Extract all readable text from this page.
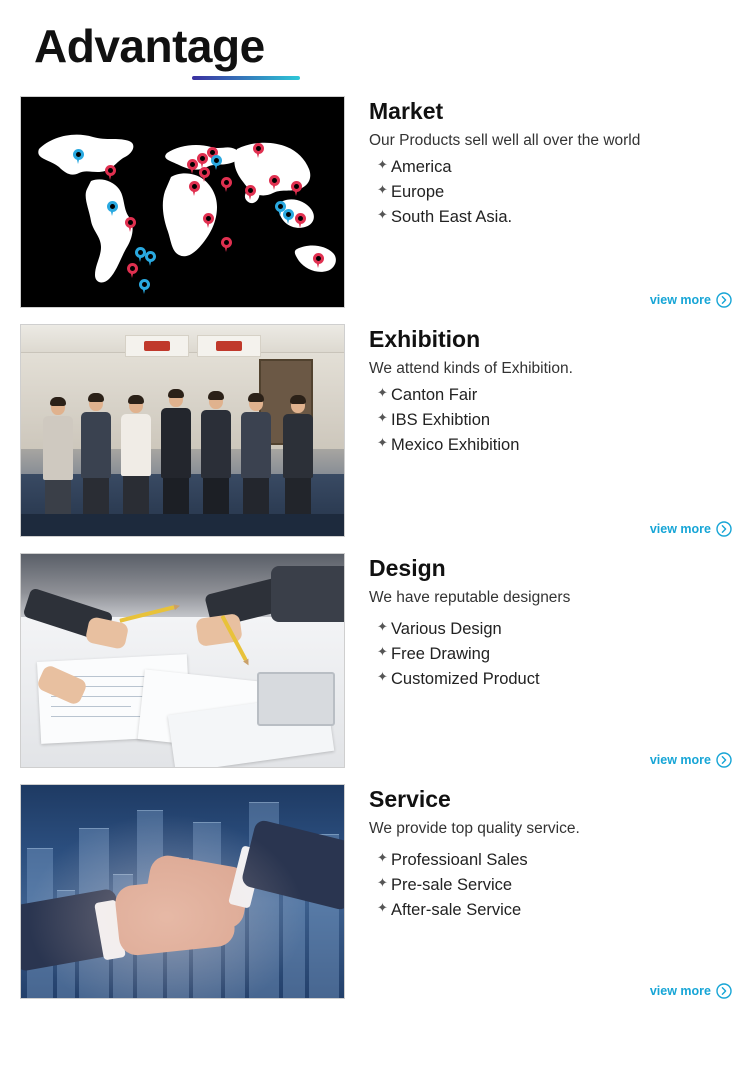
Advantage
Market
Our Products sell well all over the world
✦ America
✦ Europe
✦ South East Asia.
view more
Exhibition
We attend kinds of Exhibition.
✦ Canton Fair
✦ IBS Exhibtion
✦ Mexico Exhibition
view more
Design
We have reputable designers
✦ Various Design
✦ Free Drawing
✦ Customized Product
view more
Service
We provide top quality service.
✦ Professioanl Sales
✦ Pre-sale Service
✦ After-sale Service
view more
